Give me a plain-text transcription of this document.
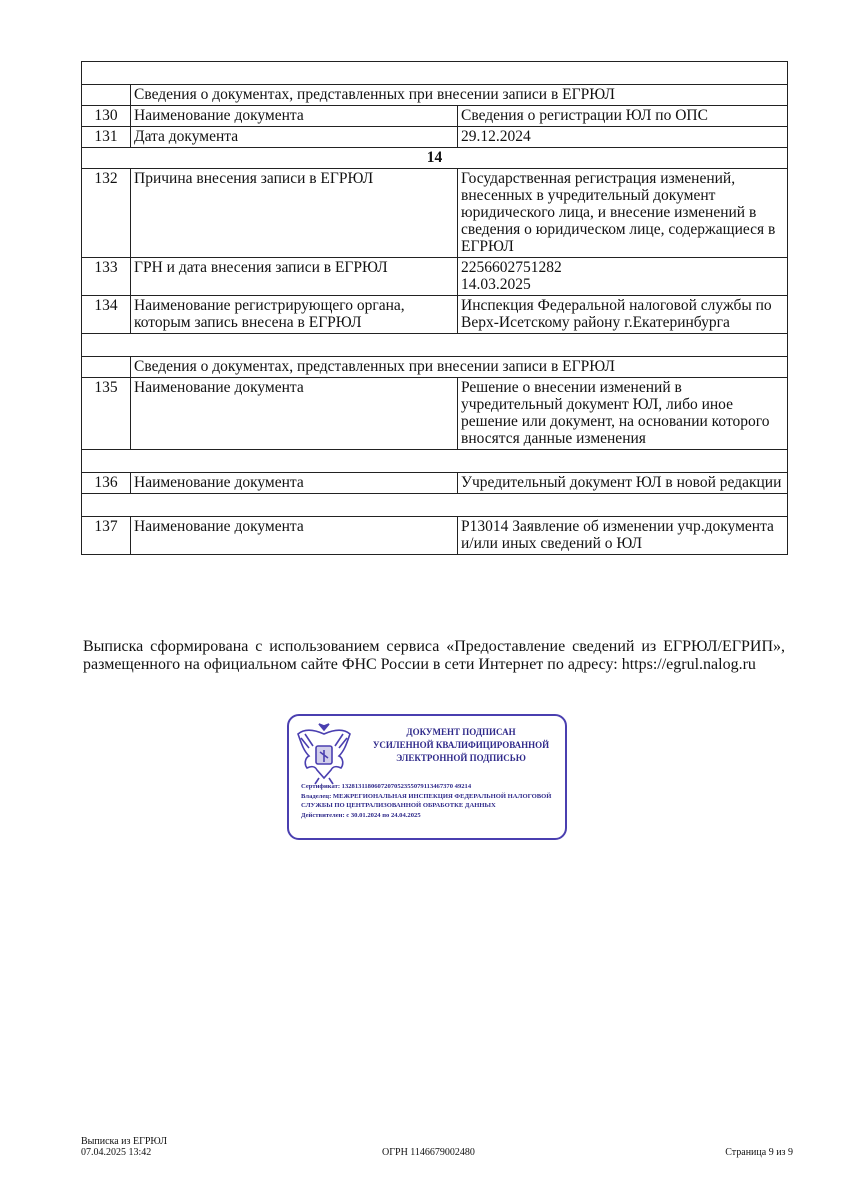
	Сведения о документах, представленных при внесении записи в ЕГРЮЛ	
130	Наименование документа	Сведения о регистрации ЮЛ по ОПС
131	Дата документа	29.12.2024
14		
132	Причина внесения записи в ЕГРЮЛ	Государственная регистрация изменений, внесенных в учредительный документ юридического лица, и внесение изменений в сведения о юридическом лице, содержащиеся в ЕГРЮЛ
133	ГРН и дата внесения записи в ЕГРЮЛ	2256602751282
14.03.2025
134	Наименование регистрирующего органа, которым запись внесена в ЕГРЮЛ	Инспекция Федеральной налоговой службы по Верх-Исетскому району г.Екатеринбурга

	Сведения о документах, представленных при внесении записи в ЕГРЮЛ	
135	Наименование документа	Решение о внесении изменений в учредительный документ ЮЛ, либо иное решение или документ, на основании которого вносятся данные изменения

136	Наименование документа	Учредительный документ ЮЛ в новой редакции

137	Наименование документа	Р13014 Заявление об изменении учр.документа и/или иных сведений о ЮЛ

Выписка сформирована с использованием сервиса «Предоставление сведений из ЕГРЮЛ/ЕГРИП», размещенного на официальном сайте ФНС России в сети Интернет по адресу: https://egrul.nalog.ru

ДОКУМЕНТ ПОДПИСАН
УСИЛЕННОЙ КВАЛИФИЦИРОВАННОЙ
ЭЛЕКТРОННОЙ ПОДПИСЬЮ
Сертификат: 1328131180607207052355079113467370 49214
Владелец: МЕЖРЕГИОНАЛЬНАЯ ИНСПЕКЦИЯ ФЕДЕРАЛЬНОЙ НАЛОГОВОЙ СЛУЖБЫ ПО ЦЕНТРАЛИЗОВАННОЙ ОБРАБОТКЕ ДАННЫХ
Действителен: с 30.01.2024 по 24.04.2025
Выписка из ЕГРЮЛ
07.04.2025 13:42	ОГРН 1146679002480	Страница 9 из 9
